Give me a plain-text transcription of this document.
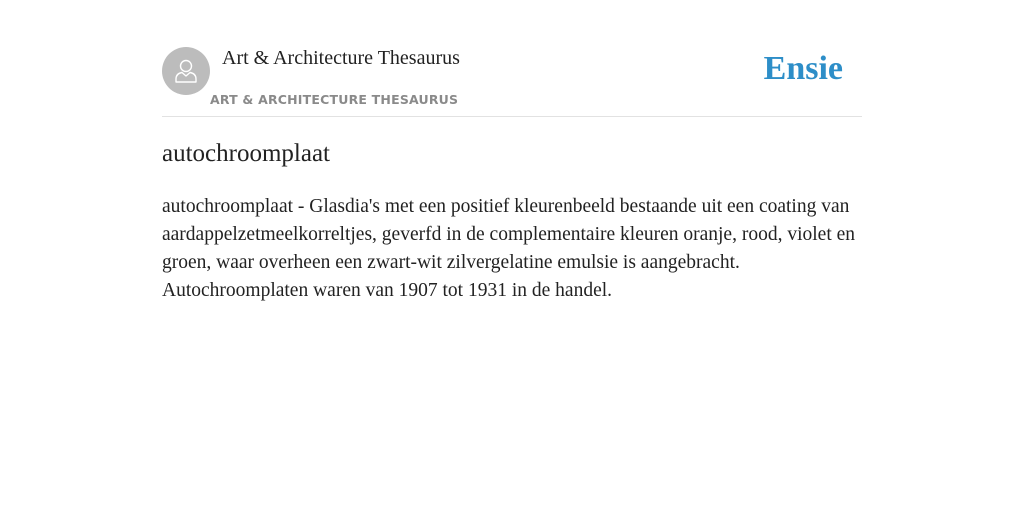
Art & Architecture Thesaurus
ART & ARCHITECTURE THESAURUS
Ensie
autochroomplaat

autochroomplaat - Glasdia's met een positief kleurenbeeld bestaande uit een coating van aardappelzetmeelkorreltjes, geverfd in de complementaire kleuren oranje, rood, violet en groen, waar overheen een zwart-wit zilvergelatine emulsie is aangebracht. Autochroomplaten waren van 1907 tot 1931 in de handel.
